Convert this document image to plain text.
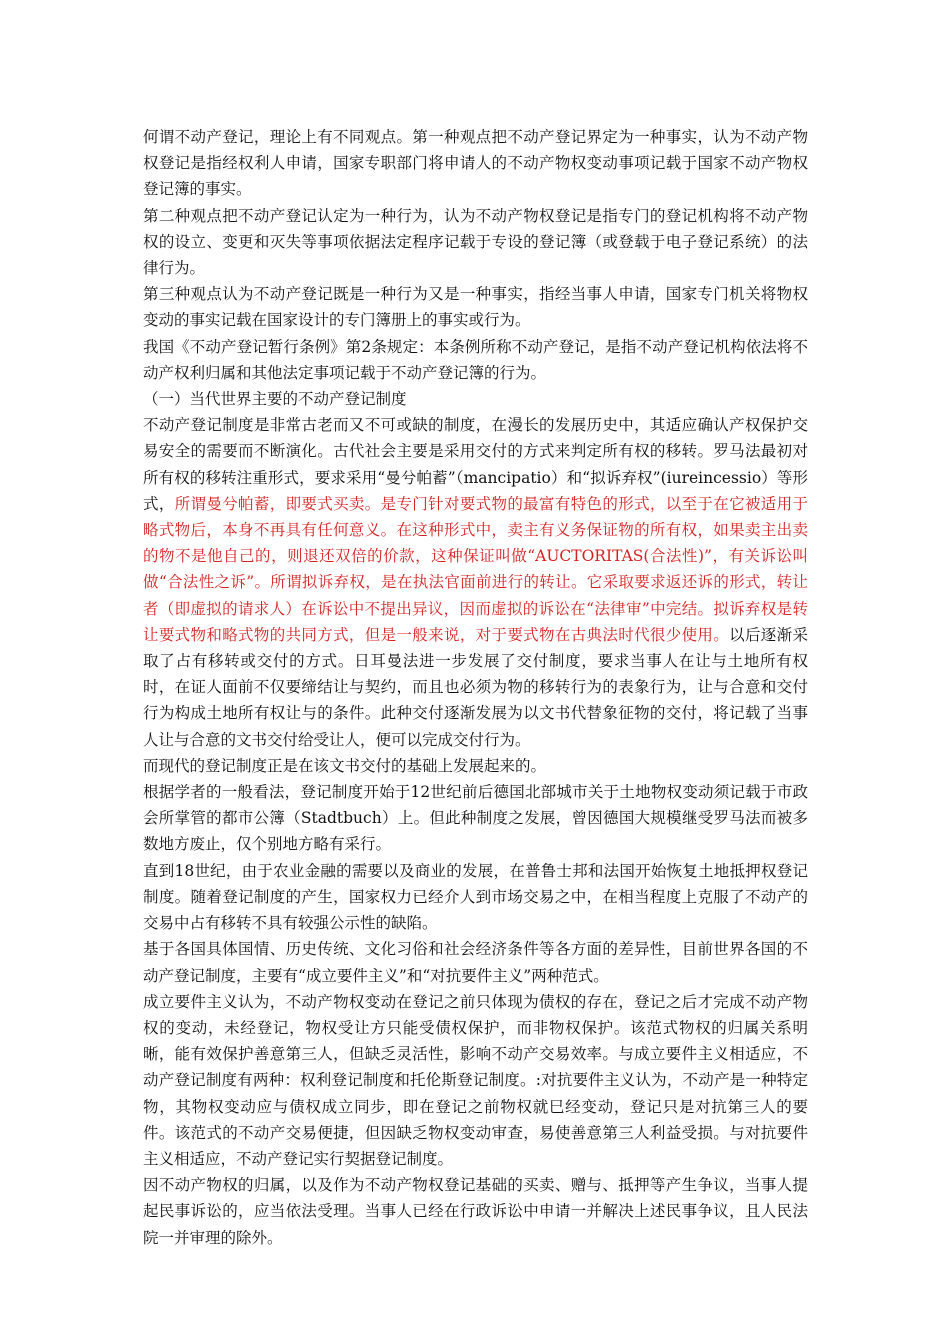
何谓不动产登记，理论上有不同观点。第一种观点把不动产登记界定为一种事实，认为不动产物权登记是指经权利人申请，国家专职部门将申请人的不动产物权变动事项记载于国家不动产物权登记簿的事实。

第二种观点把不动产登记认定为一种行为，认为不动产物权登记是指专门的登记机构将不动产物权的设立、变更和灭失等事项依据法定程序记载于专设的登记簿（或登载于电子登记系统）的法律行为。

第三种观点认为不动产登记既是一种行为又是一种事实，指经当事人申请，国家专门机关将物权变动的事实记载在国家设计的专门簿册上的事实或行为。

我国《不动产登记暂行条例》第2条规定：本条例所称不动产登记，是指不动产登记机构依法将不动产权利归属和其他法定事项记载于不动产登记簿的行为。

（一）当代世界主要的不动产登记制度

不动产登记制度是非常古老而又不可或缺的制度，在漫长的发展历史中，其适应确认产权保护交易安全的需要而不断演化。古代社会主要是采用交付的方式来判定所有权的移转。罗马法最初对所有权的移转注重形式，要求采用“曼兮帕蓄”（mancipatio）和“拟诉弃权”(iureincessio）等形式，所谓曼兮帕蓄，即要式买卖。是专门针对要式物的最富有特色的形式，以至于在它被适用于略式物后，本身不再具有任何意义。在这种形式中，卖主有义务保证物的所有权，如果卖主出卖的物不是他自己的，则退还双倍的价款，这种保证叫做“AUCTORITAS(合法性)”，有关诉讼叫做“合法性之诉”。所谓拟诉弃权，是在执法官面前进行的转让。它采取要求返还诉的形式，转让者（即虚拟的请求人）在诉讼中不提出异议，因而虚拟的诉讼在“法律审”中完结。拟诉弃权是转让要式物和略式物的共同方式，但是一般来说，对于要式物在古典法时代很少使用。以后逐渐采取了占有移转或交付的方式。日耳曼法进一步发展了交付制度，要求当事人在让与土地所有权时，在证人面前不仅要缔结让与契约，而且也必须为物的移转行为的表象行为，让与合意和交付行为构成土地所有权让与的条件。此种交付逐渐发展为以文书代替象征物的交付，将记载了当事人让与合意的文书交付给受让人，便可以完成交付行为。

而现代的登记制度正是在该文书交付的基础上发展起来的。

根据学者的一般看法，登记制度开始于12世纪前后德国北部城市关于土地物权变动须记载于市政会所掌管的都市公簿（Stadtbuch）上。但此种制度之发展，曾因德国大规模继受罗马法而被多数地方废止，仅个别地方略有采行。

直到18世纪，由于农业金融的需要以及商业的发展，在普鲁士邦和法国开始恢复土地抵押权登记制度。随着登记制度的产生，国家权力已经介人到市场交易之中，在相当程度上克服了不动产的交易中占有移转不具有较强公示性的缺陷。

基于各国具体国情、历史传统、文化习俗和社会经济条件等各方面的差异性，目前世界各国的不动产登记制度，主要有“成立要件主义”和“对抗要件主义”两种范式。

成立要件主义认为，不动产物权变动在登记之前只体现为债权的存在，登记之后才完成不动产物权的变动，未经登记，物权受让方只能受债权保护，而非物权保护。该范式物权的归属关系明晰，能有效保护善意第三人，但缺乏灵活性，影响不动产交易效率。与成立要件主义相适应，不动产登记制度有两种：权利登记制度和托伦斯登记制度。:对抗要件主义认为，不动产是一种特定物，其物权变动应与债权成立同步，即在登记之前物权就巳经变动，登记只是对抗第三人的要件。该范式的不动产交易便捷，但因缺乏物权变动审查，易使善意第三人利益受损。与对抗要件主义相适应，不动产登记实行契据登记制度。

因不动产物权的归属，以及作为不动产物权登记基础的买卖、赠与、抵押等产生争议，当事人提起民事诉讼的，应当依法受理。当事人已经在行政诉讼中申请一并解决上述民事争议，且人民法院一并审理的除外。
